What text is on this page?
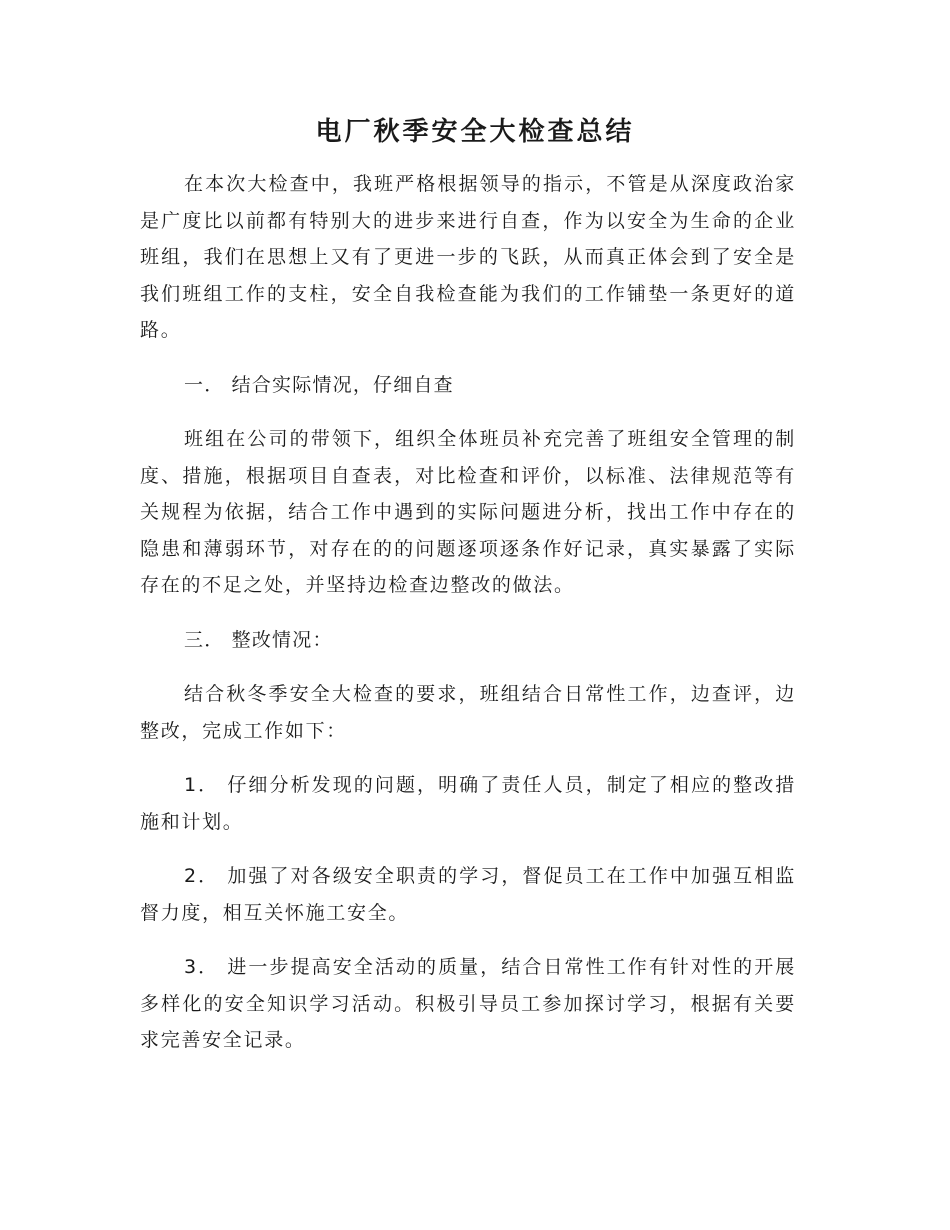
电厂秋季安全大检查总结

在本次大检查中，我班严格根据领导的指示，不管是从深度政治家是广度比以前都有特别大的进步来进行自查，作为以安全为生命的企业班组，我们在思想上又有了更进一步的飞跃，从而真正体会到了安全是我们班组工作的支柱，安全自我检查能为我们的工作铺垫一条更好的道路。

一． 结合实际情况，仔细自查

班组在公司的带领下，组织全体班员补充完善了班组安全管理的制度、措施，根据项目自查表，对比检查和评价，以标准、法律规范等有关规程为依据，结合工作中遇到的实际问题进分析，找出工作中存在的隐患和薄弱环节，对存在的的问题逐项逐条作好记录，真实暴露了实际存在的不足之处，并坚持边检查边整改的做法。

三． 整改情况：

结合秋冬季安全大检查的要求，班组结合日常性工作，边查评，边整改，完成工作如下：

1． 仔细分析发现的问题，明确了责任人员，制定了相应的整改措施和计划。

2． 加强了对各级安全职责的学习，督促员工在工作中加强互相监督力度，相互关怀施工安全。

3． 进一步提高安全活动的质量，结合日常性工作有针对性的开展多样化的安全知识学习活动。积极引导员工参加探讨学习，根据有关要求完善安全记录。
